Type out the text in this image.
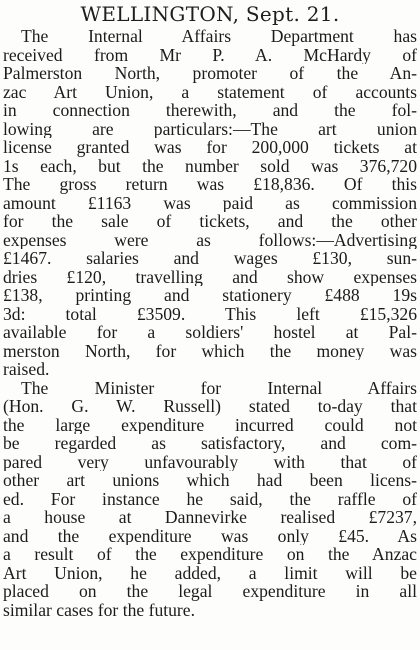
WELLINGTON, Sept. 21.
The Internal Affairs Department has
received from Mr P. A. McHardy of
Palmerston North, promoter of the An-
zac Art Union, a statement of accounts
in connection therewith, and the fol-
lowing are particulars:—The art union
license granted was for 200,000 tickets at
1s each, but the number sold was 376,720
The gross return was £18,836. Of this
amount £1163 was paid as commission
for the sale of tickets, and the other
expenses were as follows:—Advertising
£1467. salaries and wages £130, sun-
dries £120, travelling and show expenses
£138, printing and stationery £488 19s
3d: total £3509. This left £15,326
available for a soldiers' hostel at Pal-
merston North, for which the money was
raised.
The Minister for Internal Affairs
(Hon. G. W. Russell) stated to-day that
the large expenditure incurred could not
be regarded as satisfactory, and com-
pared very unfavourably with that of
other art unions which had been licens-
ed. For instance he said, the raffle of
a house at Dannevirke realised £7237,
and the expenditure was only £45. As
a result of the expenditure on the Anzac
Art Union, he added, a limit will be
placed on the legal expenditure in all
similar cases for the future.
